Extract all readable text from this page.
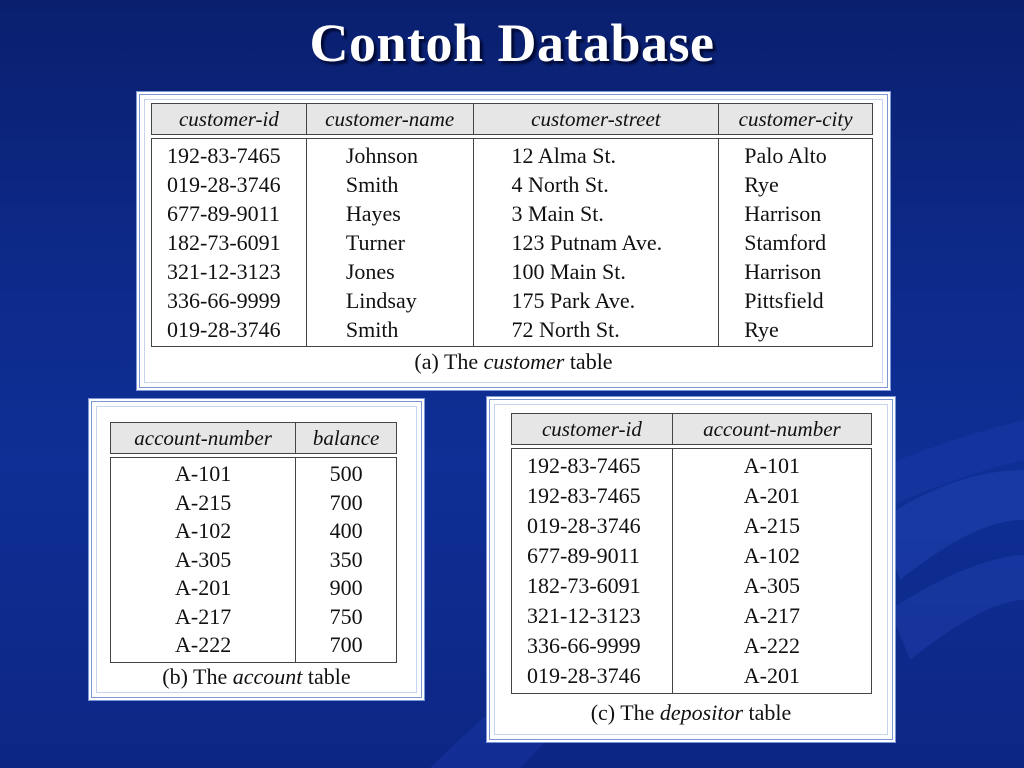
Contoh Database
customer-id	customer-name	customer-street	customer-city

192-83-7465	Johnson	12 Alma St.	Palo Alto
019-28-3746	Smith	4 North St.	Rye
677-89-9011	Hayes	3 Main St.	Harrison
182-73-6091	Turner	123 Putnam Ave.	Stamford
321-12-3123	Jones	100 Main St.	Harrison
336-66-9999	Lindsay	175 Park Ave.	Pittsfield
019-28-3746	Smith	72 North St.	Rye
(a) The customer table
account-number	balance

A-101	500
A-215	700
A-102	400
A-305	350
A-201	900
A-217	750
A-222	700
(b) The account table
customer-id	account-number

192-83-7465	A-101
192-83-7465	A-201
019-28-3746	A-215
677-89-9011	A-102
182-73-6091	A-305
321-12-3123	A-217
336-66-9999	A-222
019-28-3746	A-201
(c) The depositor table
